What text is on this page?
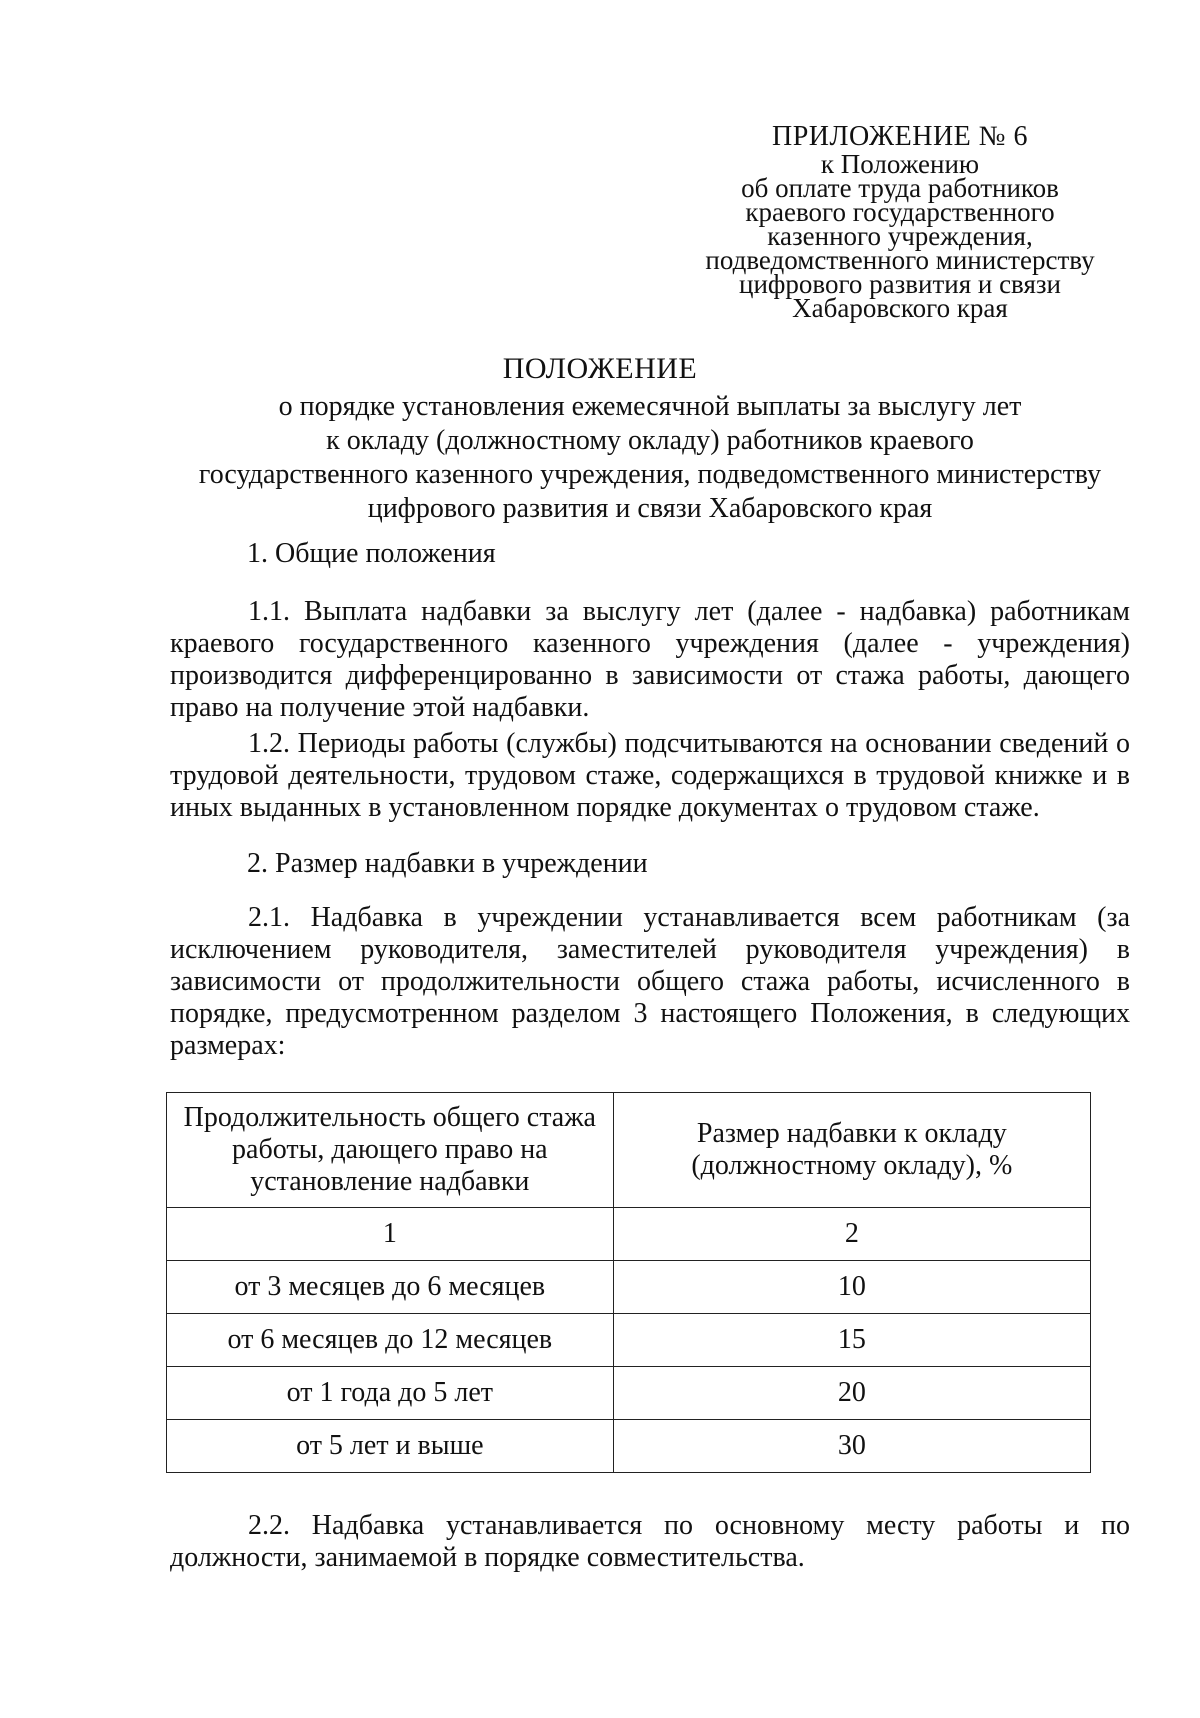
ПРИЛОЖЕНИЕ № 6
к Положению
об оплате труда работников
краевого государственного
казенного учреждения,
подведомственного министерству
цифрового развития и связи
Хабаровского края
ПОЛОЖЕНИЕ
о порядке установления ежемесячной выплаты за выслугу лет
к окладу (должностному окладу) работников краевого
государственного казенного учреждения, подведомственного министерству
цифрового развития и связи Хабаровского края
1. Общие положения
1.1. Выплата надбавки за выслугу лет (далее - надбавка) работникам краевого государственного казенного учреждения (далее - учреждения) производится дифференцированно в зависимости от стажа работы, дающего право на получение этой надбавки.
1.2. Периоды работы (службы) подсчитываются на основании сведений о трудовой деятельности, трудовом стаже, содержащихся в трудовой книжке и в иных выданных в установленном порядке документах о трудовом стаже.
2. Размер надбавки в учреждении
2.1. Надбавка в учреждении устанавливается всем работникам (за исключением руководителя, заместителей руководителя учреждения) в зависимости от продолжительности общего стажа работы, исчисленного в порядке, предусмотренном разделом 3 настоящего Положения, в следующих размерах:
Продолжительность общего стажа работы, дающего право на установление надбавки	Размер надбавки к окладу (должностному окладу), %
1	2
от 3 месяцев до 6 месяцев	10
от 6 месяцев до 12 месяцев	15
от 1 года до 5 лет	20
от 5 лет и выше	30
2.2. Надбавка устанавливается по основному месту работы и по должности, занимаемой в порядке совместительства.
